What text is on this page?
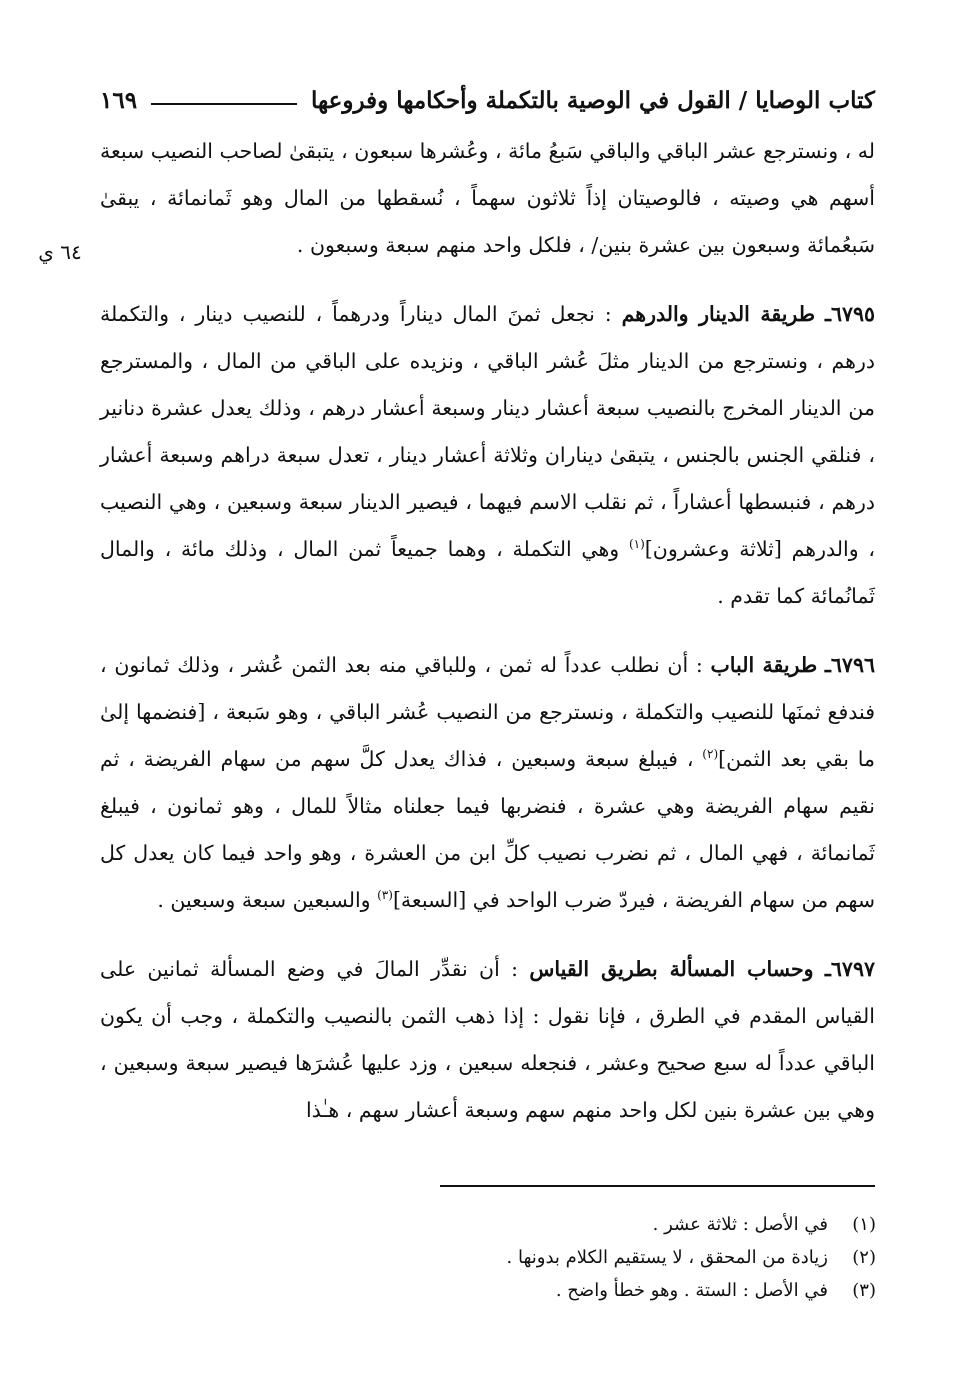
كتاب الوصايا / القول في الوصية بالتكملة وأحكامها وفروعها
١٦٩
٦٤ ي

له ، ونسترجع عشر الباقي والباقي سَبعُ مائة ، وعُشرها سبعون ، يتبقىٰ لصاحب النصيب سبعة أسهم هي وصيته ، فالوصيتان إذاً ثلاثون سهماً ، نُسقطها من المال وهو ثَمانمائة ، يبقىٰ سَبعُمائة وسبعون بين عشرة بنين/ ، فلكل واحد منهم سبعة وسبعون .

٦٧٩٥ـ طريقة الدينار والدرهم : نجعل ثمنَ المال ديناراً ودرهماً ، للنصيب دينار ، والتكملة درهم ، ونسترجع من الدينار مثلَ عُشر الباقي ، ونزيده على الباقي من المال ، والمسترجع من الدينار المخرج بالنصيب سبعة أعشار دينار وسبعة أعشار درهم ، وذلك يعدل عشرة دنانير ، فنلقي الجنس بالجنس ، يتبقىٰ ديناران وثلاثة أعشار دينار ، تعدل سبعة دراهم وسبعة أعشار درهم ، فنبسطها أعشاراً ، ثم نقلب الاسم فيهما ، فيصير الدينار سبعة وسبعين ، وهي النصيب ، والدرهم [ثلاثة وعشرون]$^{(١)}$ وهي التكملة ، وهما جميعاً ثمن المال ، وذلك مائة ، والمال ثَمانُمائة كما تقدم .

٦٧٩٦ـ طريقة الباب : أن نطلب عدداً له ثمن ، وللباقي منه بعد الثمن عُشر ، وذلك ثمانون ، فندفع ثمنَها للنصيب والتكملة ، ونسترجع من النصيب عُشر الباقي ، وهو سَبعة ، [فنضمها إلىٰ ما بقي بعد الثمن]$^{(٢)}$ ، فيبلغ سبعة وسبعين ، فذاك يعدل كلَّ سهم من سهام الفريضة ، ثم نقيم سهام الفريضة وهي عشرة ، فنضربها فيما جعلناه مثالاً للمال ، وهو ثمانون ، فيبلغ ثَمانمائة ، فهي المال ، ثم نضرب نصيب كلِّ ابن من العشرة ، وهو واحد فيما كان يعدل كل سهم من سهام الفريضة ، فيردّ ضرب الواحد في [السبعة]$^{(٣)}$ والسبعين سبعة وسبعين .

٦٧٩٧ـ وحساب المسألة بطريق القياس : أن نقدِّر المالَ في وضع المسألة ثمانين على القياس المقدم في الطرق ، فإنا نقول : إذا ذهب الثمن بالنصيب والتكملة ، وجب أن يكون الباقي عدداً له سبع صحيح وعشر ، فنجعله سبعين ، وزد عليها عُشرَها فيصير سبعة وسبعين ، وهي بين عشرة بنين لكل واحد منهم سهم وسبعة أعشار سهم ، هـٰذا

(١)
في الأصل : ثلاثة عشر .
(٢)
زيادة من المحقق ، لا يستقيم الكلام بدونها .
(٣)
في الأصل : الستة . وهو خطأ واضح .
